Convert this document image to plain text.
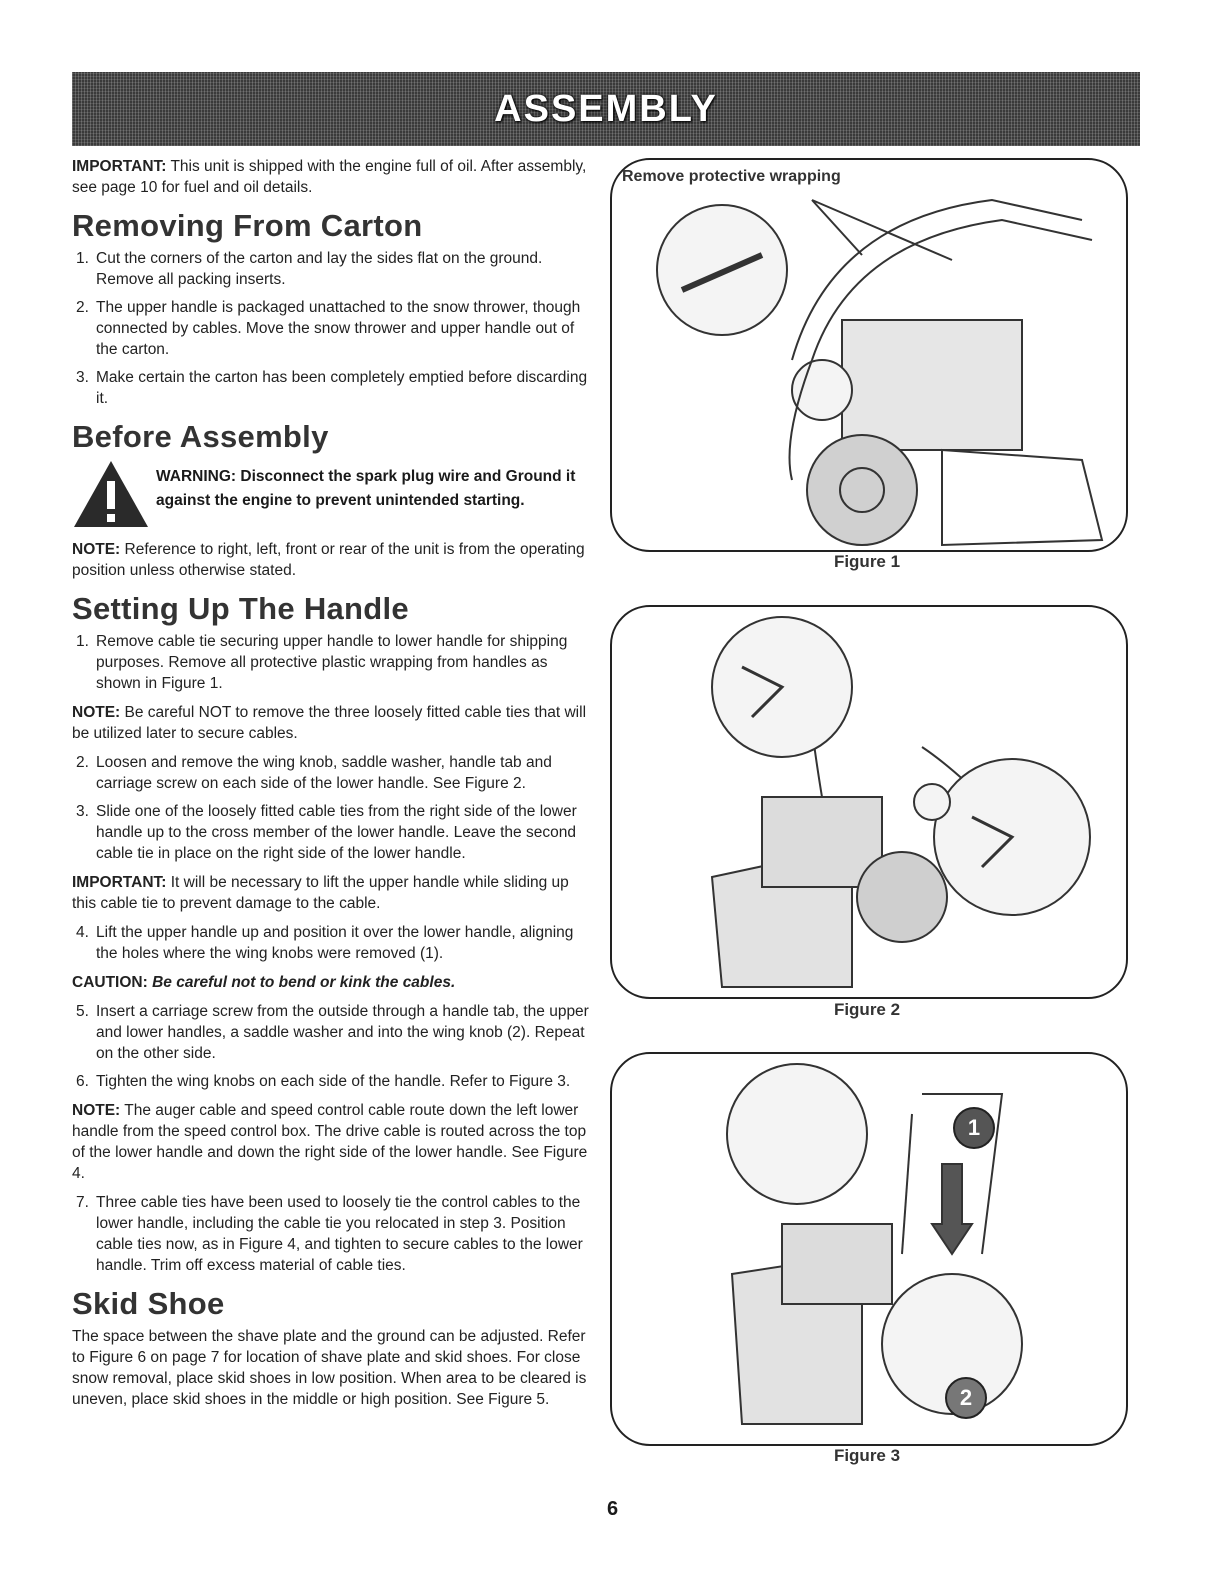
ASSEMBLY

IMPORTANT: This unit is shipped with the engine full of oil. After assembly, see page 10 for fuel and oil details.

Removing From Carton
1. Cut the corners of the carton and lay the sides flat on the ground. Remove all packing inserts.
2. The upper handle is packaged unattached to the snow thrower, though connected by cables. Move the snow thrower and upper handle out of the carton.
3. Make certain the carton has been completely emptied before discarding it.
Before Assembly
WARNING: Disconnect the spark plug wire and Ground it against the engine to prevent unintended starting.

NOTE: Reference to right, left, front or rear of the unit is from the operating position unless otherwise stated.

Setting Up The Handle
1. Remove cable tie securing upper handle to lower handle for shipping purposes. Remove all protective plastic wrapping from handles as shown in Figure 1.

NOTE: Be careful NOT to remove the three loosely fitted cable ties that will be utilized later to secure cables.

2. Loosen and remove the wing knob, saddle washer, handle tab and carriage screw on each side of the lower handle. See Figure 2.
3. Slide one of the loosely fitted cable ties from the right side of the lower handle up to the cross member of the lower handle. Leave the second cable tie in place on the right side of the lower handle.

IMPORTANT: It will be necessary to lift the upper handle while sliding up this cable tie to prevent damage to the cable.

4. Lift the upper handle up and position it over the lower handle, aligning the holes where the wing knobs were removed (1).

CAUTION: Be careful not to bend or kink the cables.

5. Insert a carriage screw from the outside through a handle tab, the upper and lower handles, a saddle washer and into the wing knob (2). Repeat on the other side.
6. Tighten the wing knobs on each side of the handle. Refer to Figure 3.

NOTE: The auger cable and speed control cable route down the left lower handle from the speed control box. The drive cable is routed across the top of the lower handle and down the right side of the lower handle. See Figure 4.

7. Three cable ties have been used to loosely tie the control cables to the lower handle, including the cable tie you relocated in step 3. Position cable ties now, as in Figure 4, and tighten to secure cables to the lower handle. Trim off excess material of cable ties.
Skid Shoe

The space between the shave plate and the ground can be adjusted. Refer to Figure 6 on page 7 for location of shave plate and skid shoes. For close snow removal, place skid shoes in low position. When area to be cleared is uneven, place skid shoes in the middle or high position. See Figure 5.

Remove protective wrapping
Figure 1
Figure 2
1
2
Figure 3
6
